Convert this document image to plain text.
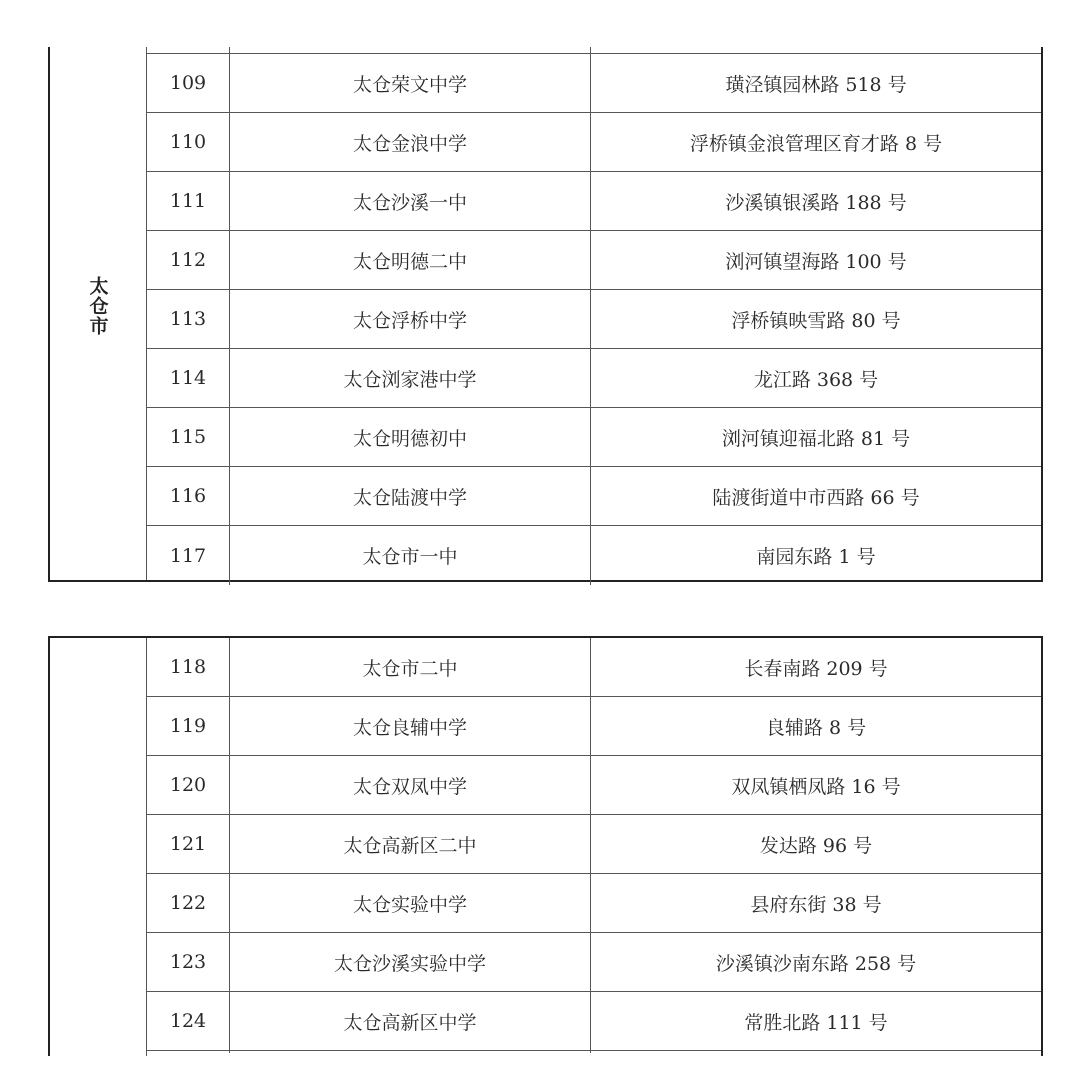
太仓市
109	太仓荣文中学	璜泾镇园林路 518 号
110	太仓金浪中学	浮桥镇金浪管理区育才路 8 号
111	太仓沙溪一中	沙溪镇银溪路 188 号
112	太仓明德二中	浏河镇望海路 100 号
113	太仓浮桥中学	浮桥镇映雪路 80 号
114	太仓浏家港中学	龙江路 368 号
115	太仓明德初中	浏河镇迎福北路 81 号
116	太仓陆渡中学	陆渡街道中市西路 66 号
117	太仓市一中	南园东路 1 号
118	太仓市二中	长春南路 209 号
119	太仓良辅中学	良辅路 8 号
120	太仓双凤中学	双凤镇栖凤路 16 号
121	太仓高新区二中	发达路 96 号
122	太仓实验中学	县府东街 38 号
123	太仓沙溪实验中学	沙溪镇沙南东路 258 号
124	太仓高新区中学	常胜北路 111 号
